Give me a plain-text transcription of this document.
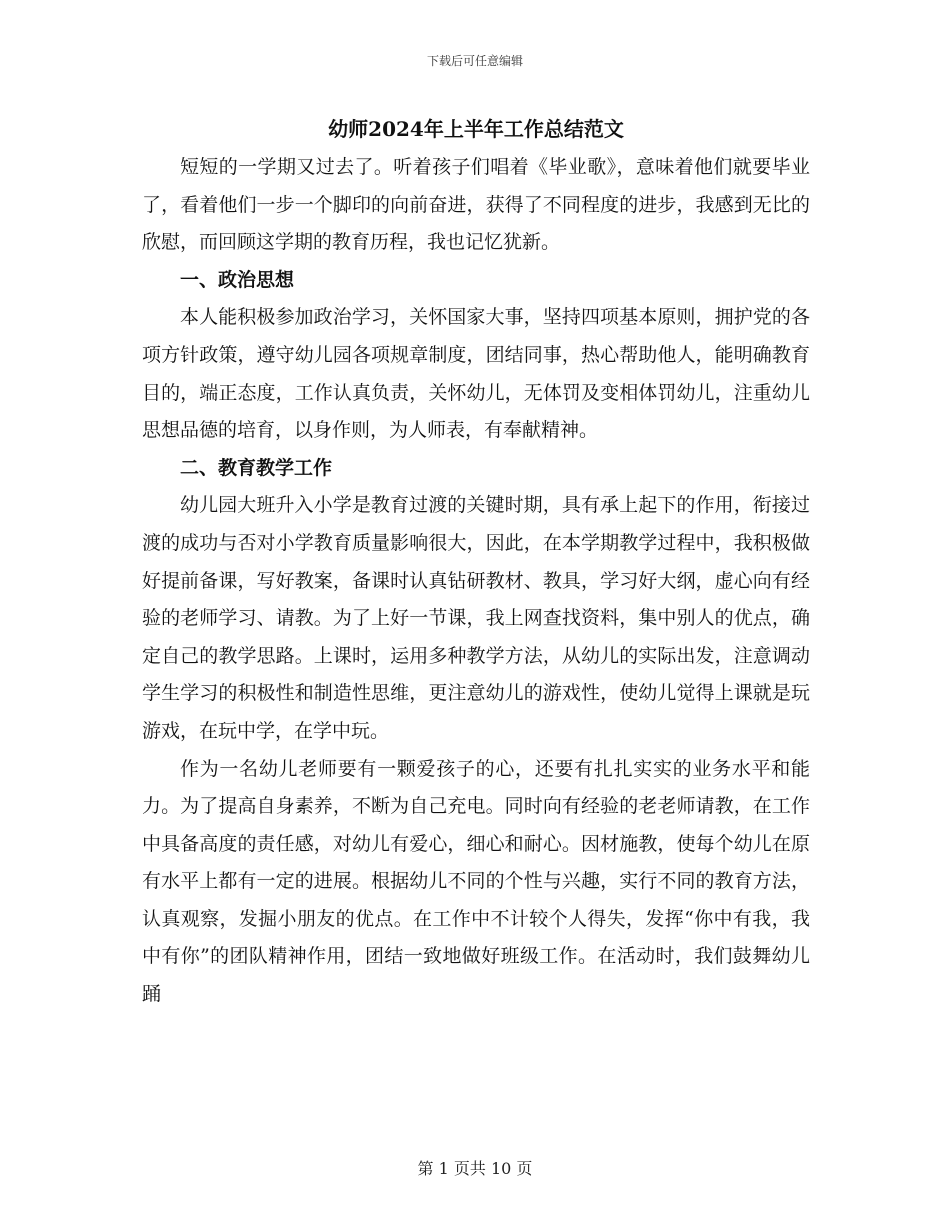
下载后可任意编辑
幼师2024年上半年工作总结范文

短短的一学期又过去了。听着孩子们唱着《毕业歌》，意味着他们就要毕业了，看着他们一步一个脚印的向前奋进，获得了不同程度的进步，我感到无比的欣慰，而回顾这学期的教育历程，我也记忆犹新。

一、政治思想

本人能积极参加政治学习，关怀国家大事，坚持四项基本原则，拥护党的各项方针政策，遵守幼儿园各项规章制度，团结同事，热心帮助他人，能明确教育目的，端正态度，工作认真负责，关怀幼儿，无体罚及变相体罚幼儿，注重幼儿思想品德的培育，以身作则，为人师表，有奉献精神。

二、教育教学工作

幼儿园大班升入小学是教育过渡的关键时期，具有承上起下的作用，衔接过渡的成功与否对小学教育质量影响很大，因此，在本学期教学过程中，我积极做好提前备课，写好教案，备课时认真钻研教材、教具，学习好大纲，虚心向有经验的老师学习、请教。为了上好一节课，我上网查找资料，集中别人的优点，确定自己的教学思路。上课时，运用多种教学方法，从幼儿的实际出发，注意调动学生学习的积极性和制造性思维，更注意幼儿的游戏性，使幼儿觉得上课就是玩游戏，在玩中学，在学中玩。

作为一名幼儿老师要有一颗爱孩子的心，还要有扎扎实实的业务水平和能力。为了提高自身素养，不断为自己充电。同时向有经验的老老师请教，在工作中具备高度的责任感，对幼儿有爱心，细心和耐心。因材施教，使每个幼儿在原有水平上都有一定的进展。根据幼儿不同的个性与兴趣，实行不同的教育方法，认真观察，发掘小朋友的优点。在工作中不计较个人得失，发挥“你中有我，我中有你”的团队精神作用，团结一致地做好班级工作。在活动时，我们鼓舞幼儿踊

第 1 页共 10 页
